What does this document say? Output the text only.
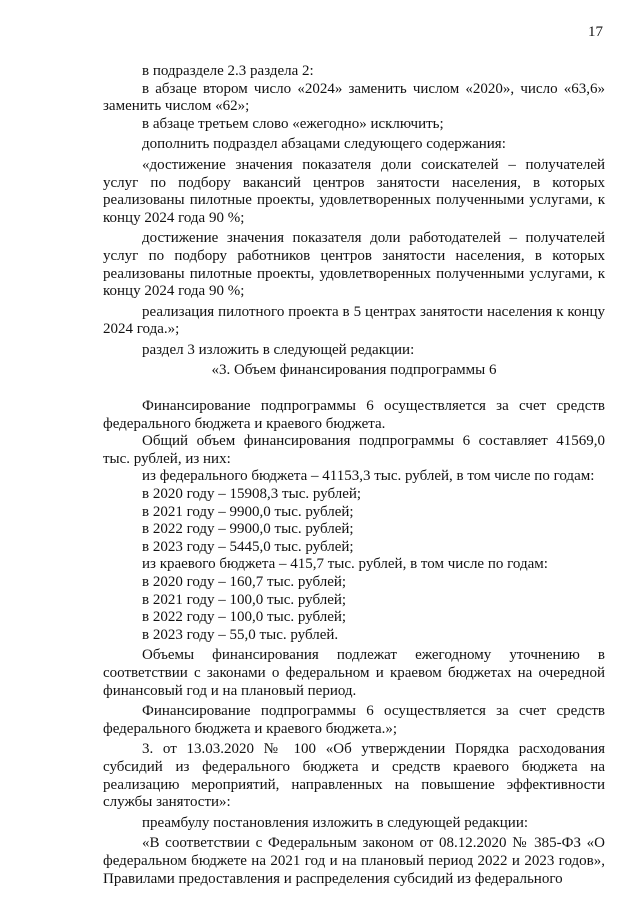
17

в подразделе 2.3 раздела 2:

в абзаце втором число «2024» заменить числом «2020», число «63,6» заменить числом «62»;

в абзаце третьем слово «ежегодно» исключить;

дополнить подраздел абзацами следующего содержания:

«достижение значения показателя доли соискателей – получателей услуг по подбору вакансий центров занятости населения, в которых реализованы пилотные проекты, удовлетворенных полученными услугами, к концу 2024 года 90 %;

достижение значения показателя доли работодателей – получателей услуг по подбору работников центров занятости населения, в которых реализованы пилотные проекты, удовлетворенных полученными услугами, к концу 2024 года 90 %;

реализация пилотного проекта в 5 центрах занятости населения к концу 2024 года.»;

раздел 3 изложить в следующей редакции:

«3. Объем финансирования подпрограммы 6

Финансирование подпрограммы 6 осуществляется за счет средств федерального бюджета и краевого бюджета.

Общий объем финансирования подпрограммы 6 составляет 41569,0 тыс. рублей, из них:

из федерального бюджета – 41153,3 тыс. рублей, в том числе по годам:

в 2020 году – 15908,3 тыс. рублей;

в 2021 году – 9900,0 тыс. рублей;

в 2022 году – 9900,0 тыс. рублей;

в 2023 году – 5445,0 тыс. рублей;

из краевого бюджета – 415,7 тыс. рублей, в том числе по годам:

в 2020 году – 160,7 тыс. рублей;

в 2021 году – 100,0 тыс. рублей;

в 2022 году – 100,0 тыс. рублей;

в 2023 году – 55,0 тыс. рублей.

Объемы финансирования подлежат ежегодному уточнению в соответствии с законами о федеральном и краевом бюджетах на очередной финансовый год и на плановый период.

Финансирование подпрограммы 6 осуществляется за счет средств федерального бюджета и краевого бюджета.»;

3. от 13.03.2020 № 100 «Об утверждении Порядка расходования субсидий из федерального бюджета и средств краевого бюджета на реализацию мероприятий, направленных на повышение эффективности службы занятости»:

преамбулу постановления изложить в следующей редакции:

«В соответствии с Федеральным законом от 08.12.2020 № 385-ФЗ «О федеральном бюджете на 2021 год и на плановый период 2022 и 2023 годов», Правилами предоставления и распределения субсидий из федерального
